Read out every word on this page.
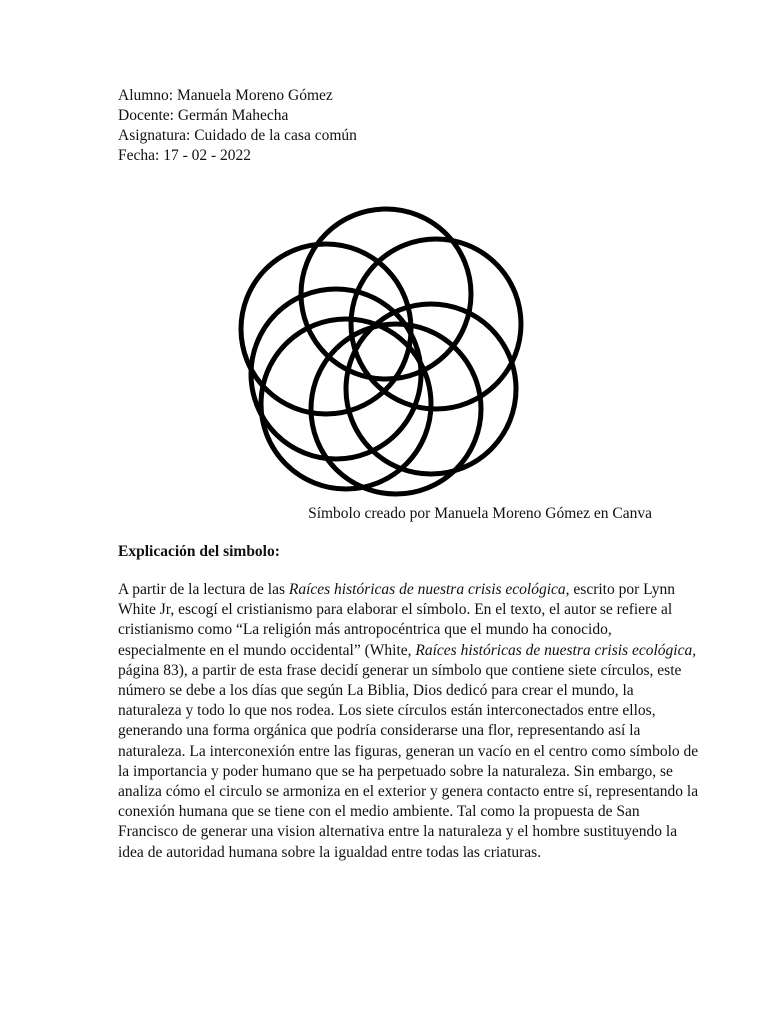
Alumno: Manuela Moreno Gómez
Docente: Germán Mahecha
Asignatura: Cuidado de la casa común
Fecha: 17 - 02 - 2022
Símbolo creado por Manuela Moreno Gómez en Canva
Explicación del simbolo:
A partir de la lectura de las Raíces históricas de nuestra crisis ecológica, escrito por Lynn
White Jr, escogí el cristianismo para elaborar el símbolo. En el texto, el autor se refiere al
cristianismo como “La religión más antropocéntrica que el mundo ha conocido,
especialmente en el mundo occidental” (White, Raíces históricas de nuestra crisis ecológica,
página 83), a partir de esta frase decidí generar un símbolo que contiene siete círculos, este
número se debe a los días que según La Biblia, Dios dedicó para crear el mundo, la
naturaleza y todo lo que nos rodea. Los siete círculos están interconectados entre ellos,
generando una forma orgánica que podría considerarse una flor, representando así la
naturaleza. La interconexión entre las figuras, generan un vacío en el centro como símbolo de
la importancia y poder humano que se ha perpetuado sobre la naturaleza. Sin embargo, se
analiza cómo el circulo se armoniza en el exterior y genera contacto entre sí, representando la
conexión humana que se tiene con el medio ambiente. Tal como la propuesta de San
Francisco de generar una vision alternativa entre la naturaleza y el hombre sustituyendo la
idea de autoridad humana sobre la igualdad entre todas las criaturas.
